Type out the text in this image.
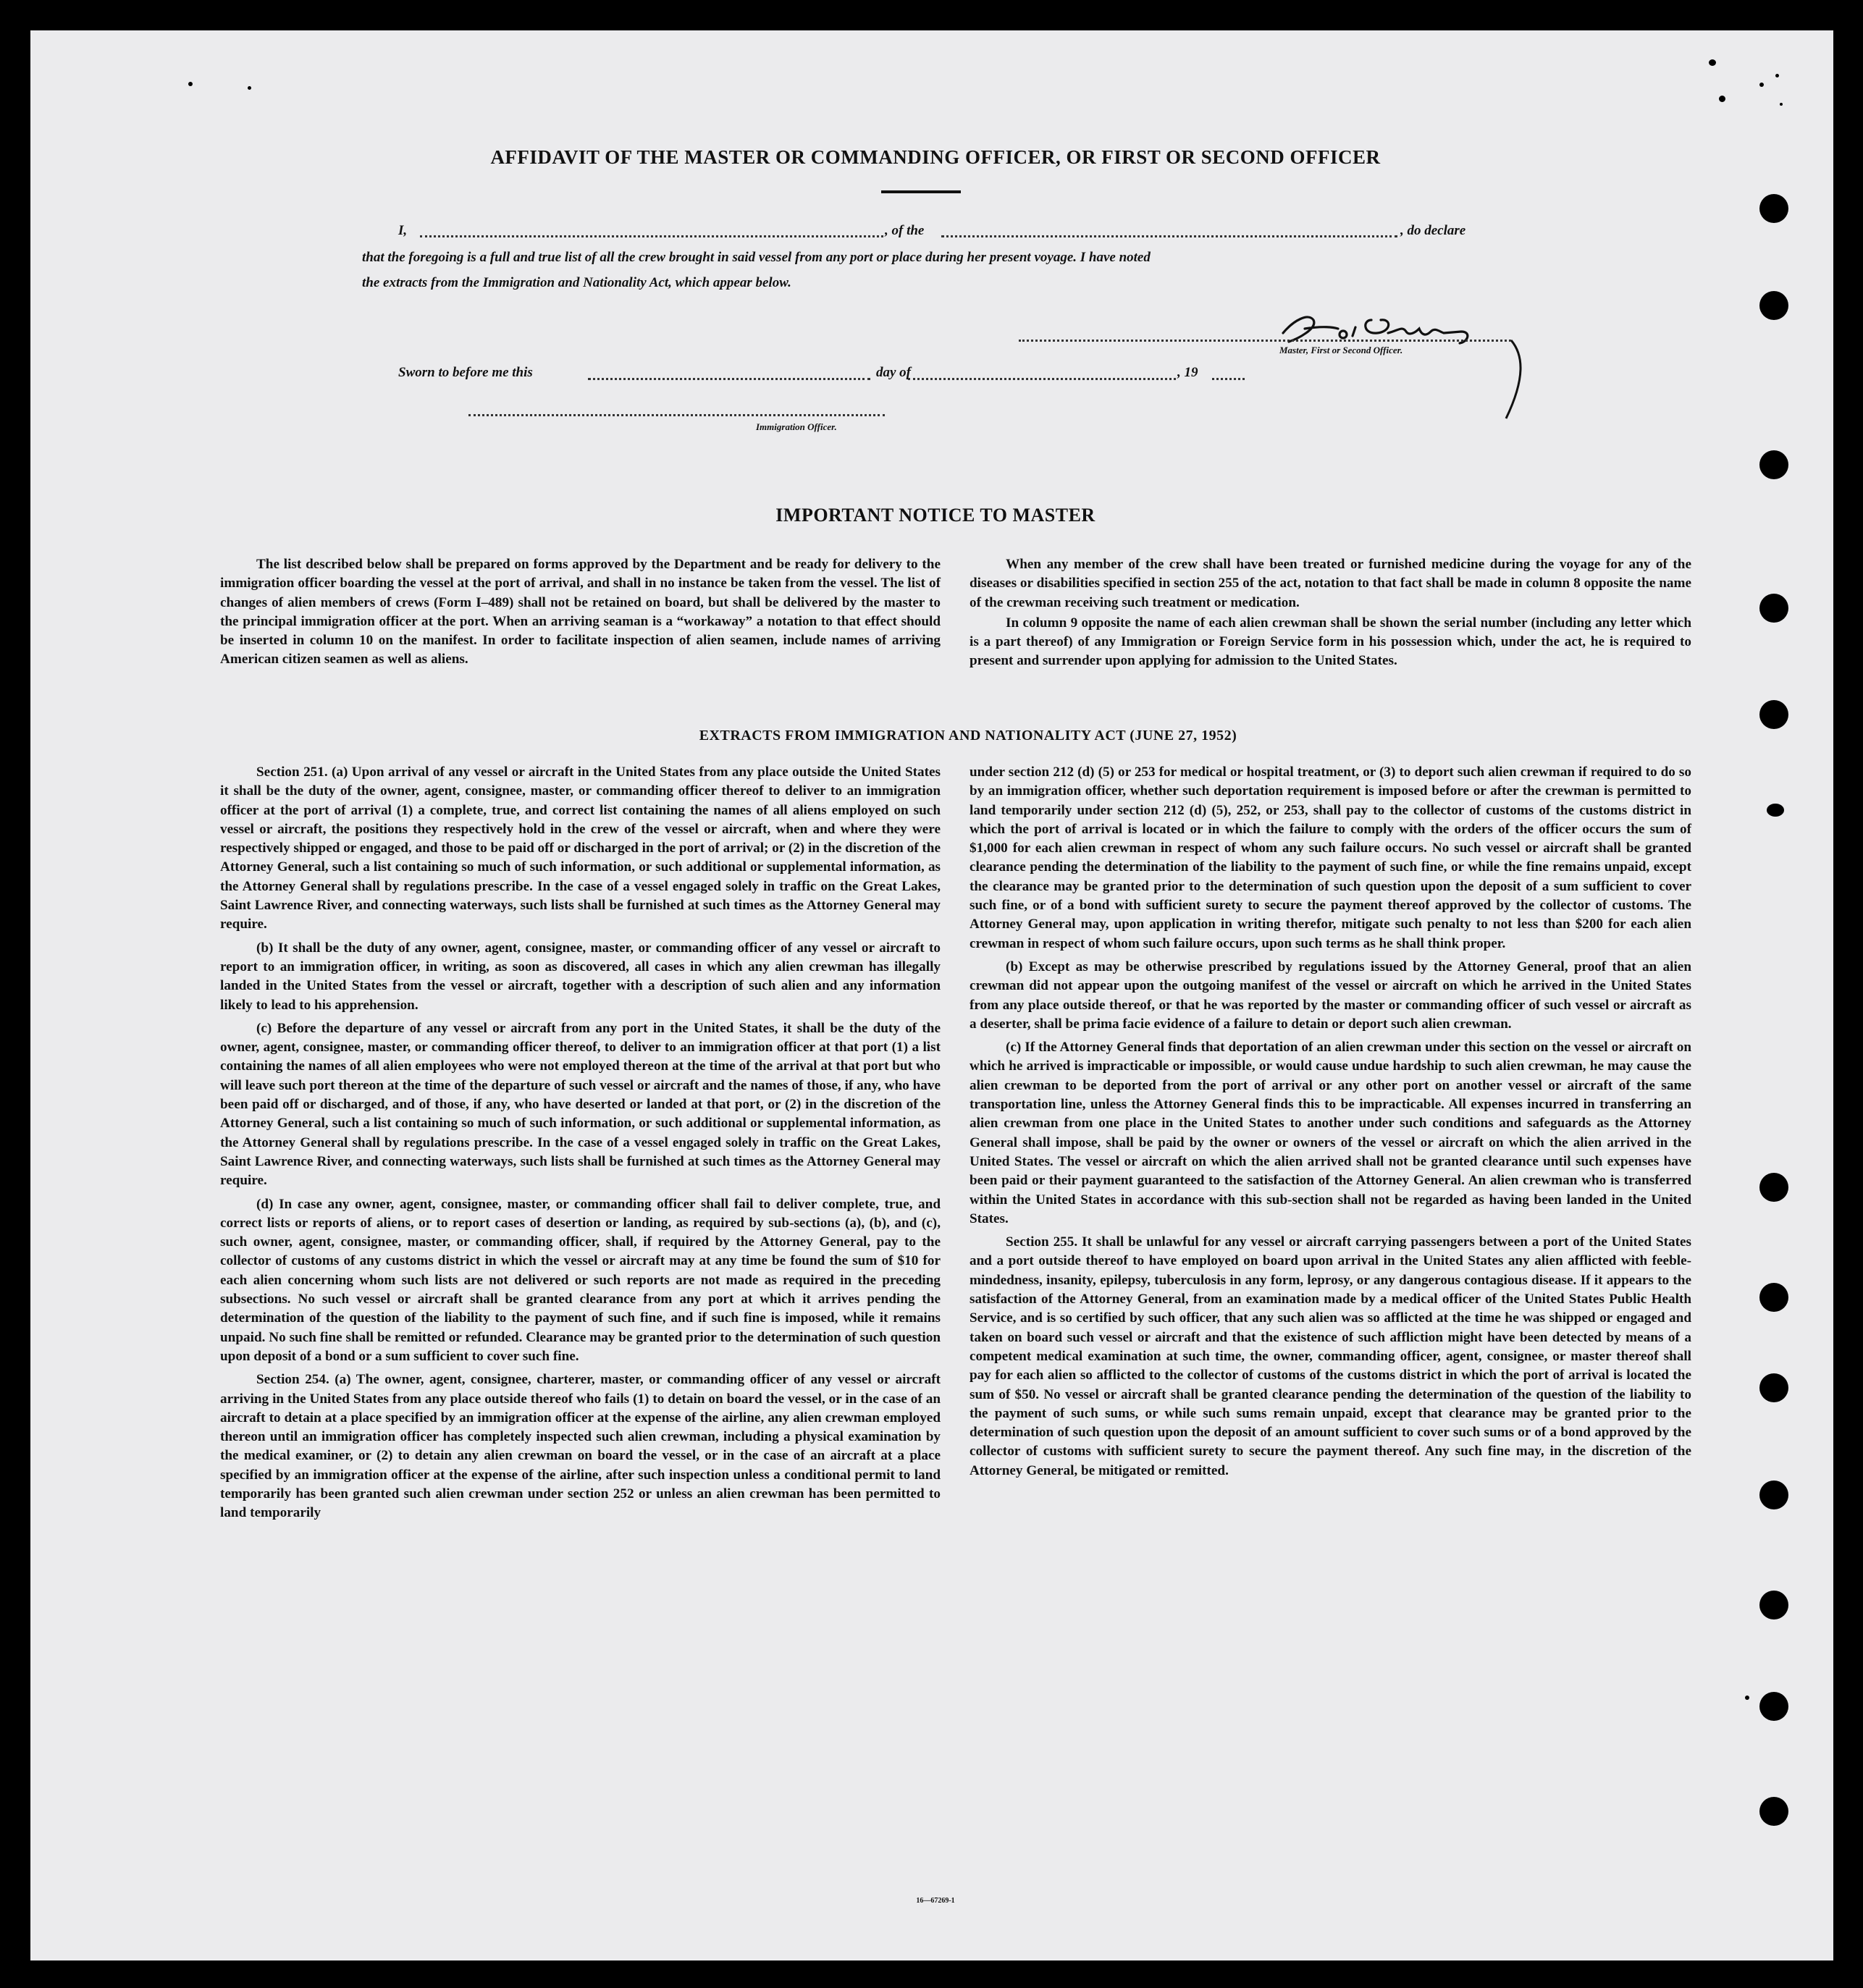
AFFIDAVIT OF THE MASTER OR COMMANDING OFFICER, OR FIRST OR SECOND OFFICER
I,	, of the	, do declare
that the foregoing is a full and true list of all the crew brought in said vessel from any port or place during her present voyage. I have noted
the extracts from the Immigration and Nationality Act, which appear below.
Master, First or Second Officer.
Sworn to before me this	day of	, 19
Immigration Officer.
IMPORTANT NOTICE TO MASTER

The list described below shall be prepared on forms approved by the Department and be ready for delivery to the immigration officer boarding the vessel at the port of arrival, and shall in no instance be taken from the vessel. The list of changes of alien members of crews (Form I–489) shall not be retained on board, but shall be delivered by the master to the principal immigration officer at the port. When an arriving seaman is a “workaway” a notation to that effect should be inserted in column 10 on the manifest. In order to facilitate inspection of alien seamen, include names of arriving American citizen seamen as well as aliens.

When any member of the crew shall have been treated or furnished medicine during the voyage for any of the diseases or disabilities specified in section 255 of the act, notation to that fact shall be made in column 8 opposite the name of the crewman receiving such treatment or medication.

In column 9 opposite the name of each alien crewman shall be shown the serial number (including any letter which is a part thereof) of any Immigration or Foreign Service form in his possession which, under the act, he is required to present and surrender upon applying for admission to the United States.

EXTRACTS FROM IMMIGRATION AND NATIONALITY ACT (JUNE 27, 1952)

Section 251. (a) Upon arrival of any vessel or aircraft in the United States from any place outside the United States it shall be the duty of the owner, agent, consignee, master, or commanding officer thereof to deliver to an immigration officer at the port of arrival (1) a complete, true, and correct list containing the names of all aliens employed on such vessel or aircraft, the positions they respectively hold in the crew of the vessel or aircraft, when and where they were respectively shipped or engaged, and those to be paid off or discharged in the port of arrival; or (2) in the discretion of the Attorney General, such a list containing so much of such information, or such additional or supplemental information, as the Attorney General shall by regulations prescribe. In the case of a vessel engaged solely in traffic on the Great Lakes, Saint Lawrence River, and connecting waterways, such lists shall be furnished at such times as the Attorney General may require.

(b) It shall be the duty of any owner, agent, consignee, master, or commanding officer of any vessel or aircraft to report to an immigration officer, in writing, as soon as discovered, all cases in which any alien crewman has illegally landed in the United States from the vessel or aircraft, together with a description of such alien and any information likely to lead to his apprehension.

(c) Before the departure of any vessel or aircraft from any port in the United States, it shall be the duty of the owner, agent, consignee, master, or commanding officer thereof, to deliver to an immigration officer at that port (1) a list containing the names of all alien employees who were not employed thereon at the time of the arrival at that port but who will leave such port thereon at the time of the departure of such vessel or aircraft and the names of those, if any, who have been paid off or discharged, and of those, if any, who have deserted or landed at that port, or (2) in the discretion of the Attorney General, such a list containing so much of such information, or such additional or supplemental information, as the Attorney General shall by regulations prescribe. In the case of a vessel engaged solely in traffic on the Great Lakes, Saint Lawrence River, and connecting waterways, such lists shall be furnished at such times as the Attorney General may require.

(d) In case any owner, agent, consignee, master, or commanding officer shall fail to deliver complete, true, and correct lists or reports of aliens, or to report cases of desertion or landing, as required by sub-sections (a), (b), and (c), such owner, agent, consignee, master, or commanding officer, shall, if required by the Attorney General, pay to the collector of customs of any customs district in which the vessel or aircraft may at any time be found the sum of $10 for each alien concerning whom such lists are not delivered or such reports are not made as required in the preceding subsections. No such vessel or aircraft shall be granted clearance from any port at which it arrives pending the determination of the question of the liability to the payment of such fine, and if such fine is imposed, while it remains unpaid. No such fine shall be remitted or refunded. Clearance may be granted prior to the determination of such question upon deposit of a bond or a sum sufficient to cover such fine.

Section 254. (a) The owner, agent, consignee, charterer, master, or commanding officer of any vessel or aircraft arriving in the United States from any place outside thereof who fails (1) to detain on board the vessel, or in the case of an aircraft to detain at a place specified by an immigration officer at the expense of the airline, any alien crewman employed thereon until an immigration officer has completely inspected such alien crewman, including a physical examination by the medical examiner, or (2) to detain any alien crewman on board the vessel, or in the case of an aircraft at a place specified by an immigration officer at the expense of the airline, after such inspection unless a conditional permit to land temporarily has been granted such alien crewman under section 252 or unless an alien crewman has been permitted to land temporarily

under section 212 (d) (5) or 253 for medical or hospital treatment, or (3) to deport such alien crewman if required to do so by an immigration officer, whether such deportation requirement is imposed before or after the crewman is permitted to land temporarily under section 212 (d) (5), 252, or 253, shall pay to the collector of customs of the customs district in which the port of arrival is located or in which the failure to comply with the orders of the officer occurs the sum of $1,000 for each alien crewman in respect of whom any such failure occurs. No such vessel or aircraft shall be granted clearance pending the determination of the liability to the payment of such fine, or while the fine remains unpaid, except the clearance may be granted prior to the determination of such question upon the deposit of a sum sufficient to cover such fine, or of a bond with sufficient surety to secure the payment thereof approved by the collector of customs. The Attorney General may, upon application in writing therefor, mitigate such penalty to not less than $200 for each alien crewman in respect of whom such failure occurs, upon such terms as he shall think proper.

(b) Except as may be otherwise prescribed by regulations issued by the Attorney General, proof that an alien crewman did not appear upon the outgoing manifest of the vessel or aircraft on which he arrived in the United States from any place outside thereof, or that he was reported by the master or commanding officer of such vessel or aircraft as a deserter, shall be prima facie evidence of a failure to detain or deport such alien crewman.

(c) If the Attorney General finds that deportation of an alien crewman under this section on the vessel or aircraft on which he arrived is impracticable or impossible, or would cause undue hardship to such alien crewman, he may cause the alien crewman to be deported from the port of arrival or any other port on another vessel or aircraft of the same transportation line, unless the Attorney General finds this to be impracticable. All expenses incurred in transferring an alien crewman from one place in the United States to another under such conditions and safeguards as the Attorney General shall impose, shall be paid by the owner or owners of the vessel or aircraft on which the alien arrived in the United States. The vessel or aircraft on which the alien arrived shall not be granted clearance until such expenses have been paid or their payment guaranteed to the satisfaction of the Attorney General. An alien crewman who is transferred within the United States in accordance with this sub-section shall not be regarded as having been landed in the United States.

Section 255. It shall be unlawful for any vessel or aircraft carrying passengers between a port of the United States and a port outside thereof to have employed on board upon arrival in the United States any alien afflicted with feeble-mindedness, insanity, epilepsy, tuberculosis in any form, leprosy, or any dangerous contagious disease. If it appears to the satisfaction of the Attorney General, from an examination made by a medical officer of the United States Public Health Service, and is so certified by such officer, that any such alien was so afflicted at the time he was shipped or engaged and taken on board such vessel or aircraft and that the existence of such affliction might have been detected by means of a competent medical examination at such time, the owner, commanding officer, agent, consignee, or master thereof shall pay for each alien so afflicted to the collector of customs of the customs district in which the port of arrival is located the sum of $50. No vessel or aircraft shall be granted clearance pending the determination of the question of the liability to the payment of such sums, or while such sums remain unpaid, except that clearance may be granted prior to the determination of such question upon the deposit of an amount sufficient to cover such sums or of a bond approved by the collector of customs with sufficient surety to secure the payment thereof. Any such fine may, in the discretion of the Attorney General, be mitigated or remitted.

16—67269-1
